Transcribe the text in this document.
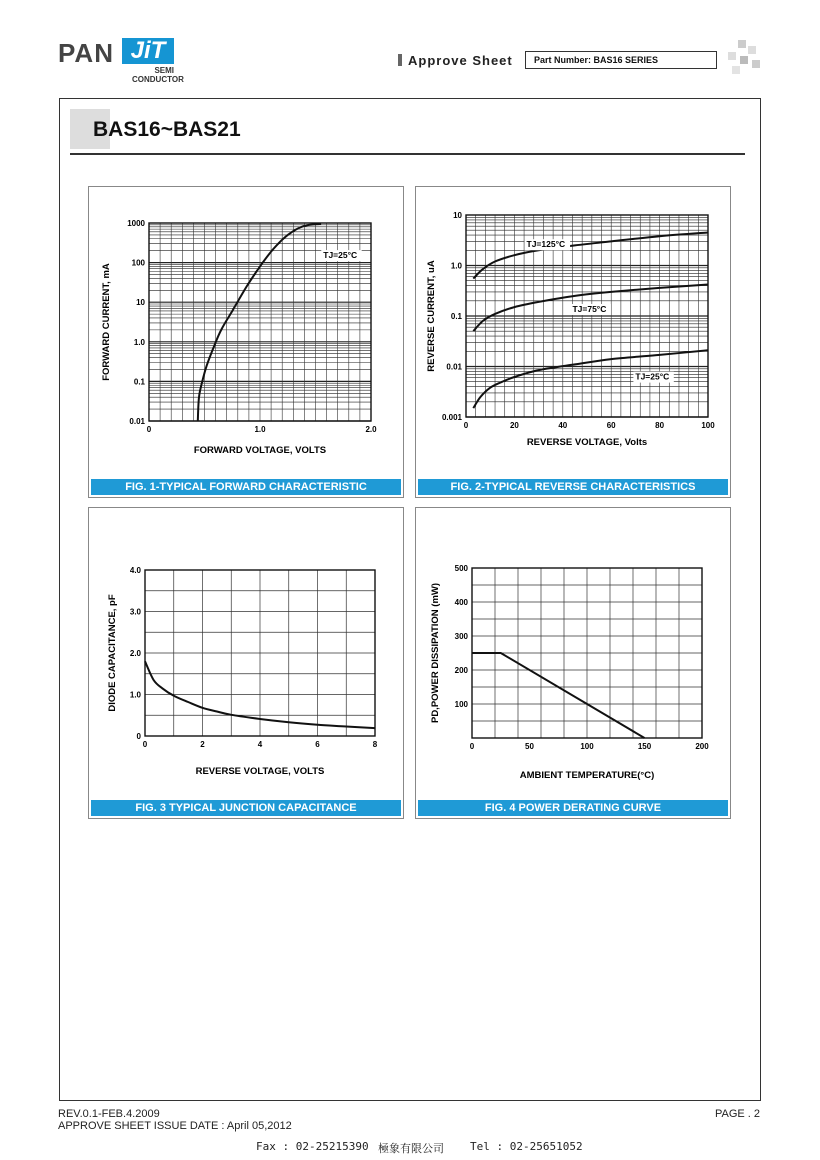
PAN JiT
SEMI
CONDUCTOR
Approve Sheet	Part Number: BAS16 SERIES
BAS16~BAS21
0	1.0	2.0
0.01
0.1
1.0
10
100
1000
FORWARD VOLTAGE, VOLTS
FORWARD CURRENT, mA
TJ=25°C
FIG. 1-TYPICAL FORWARD CHARACTERISTIC
0	20	40	60	80	100
0.001
0.01
0.1
1.0
10
REVERSE VOLTAGE, Volts
REVERSE CURRENT, uA
TJ=125°C
TJ=75°C
TJ=25°C
FIG. 2-TYPICAL REVERSE CHARACTERISTICS
0	2	4	6	8
0
1.0
2.0
3.0
4.0
REVERSE VOLTAGE, VOLTS
DIODE CAPACITANCE, pF
FIG. 3 TYPICAL JUNCTION CAPACITANCE
0	50	100	150	200
100
200
300
400
500
AMBIENT TEMPERATURE(°C)
PD,POWER DISSIPATION (mW)
FIG. 4 POWER DERATING CURVE
REV.0.1-FEB.4.2009
APPROVE SHEET ISSUE DATE : April 05,2012
PAGE . 2
Fax : 02-25215390 極象有限公司 Tel : 02-25651052
